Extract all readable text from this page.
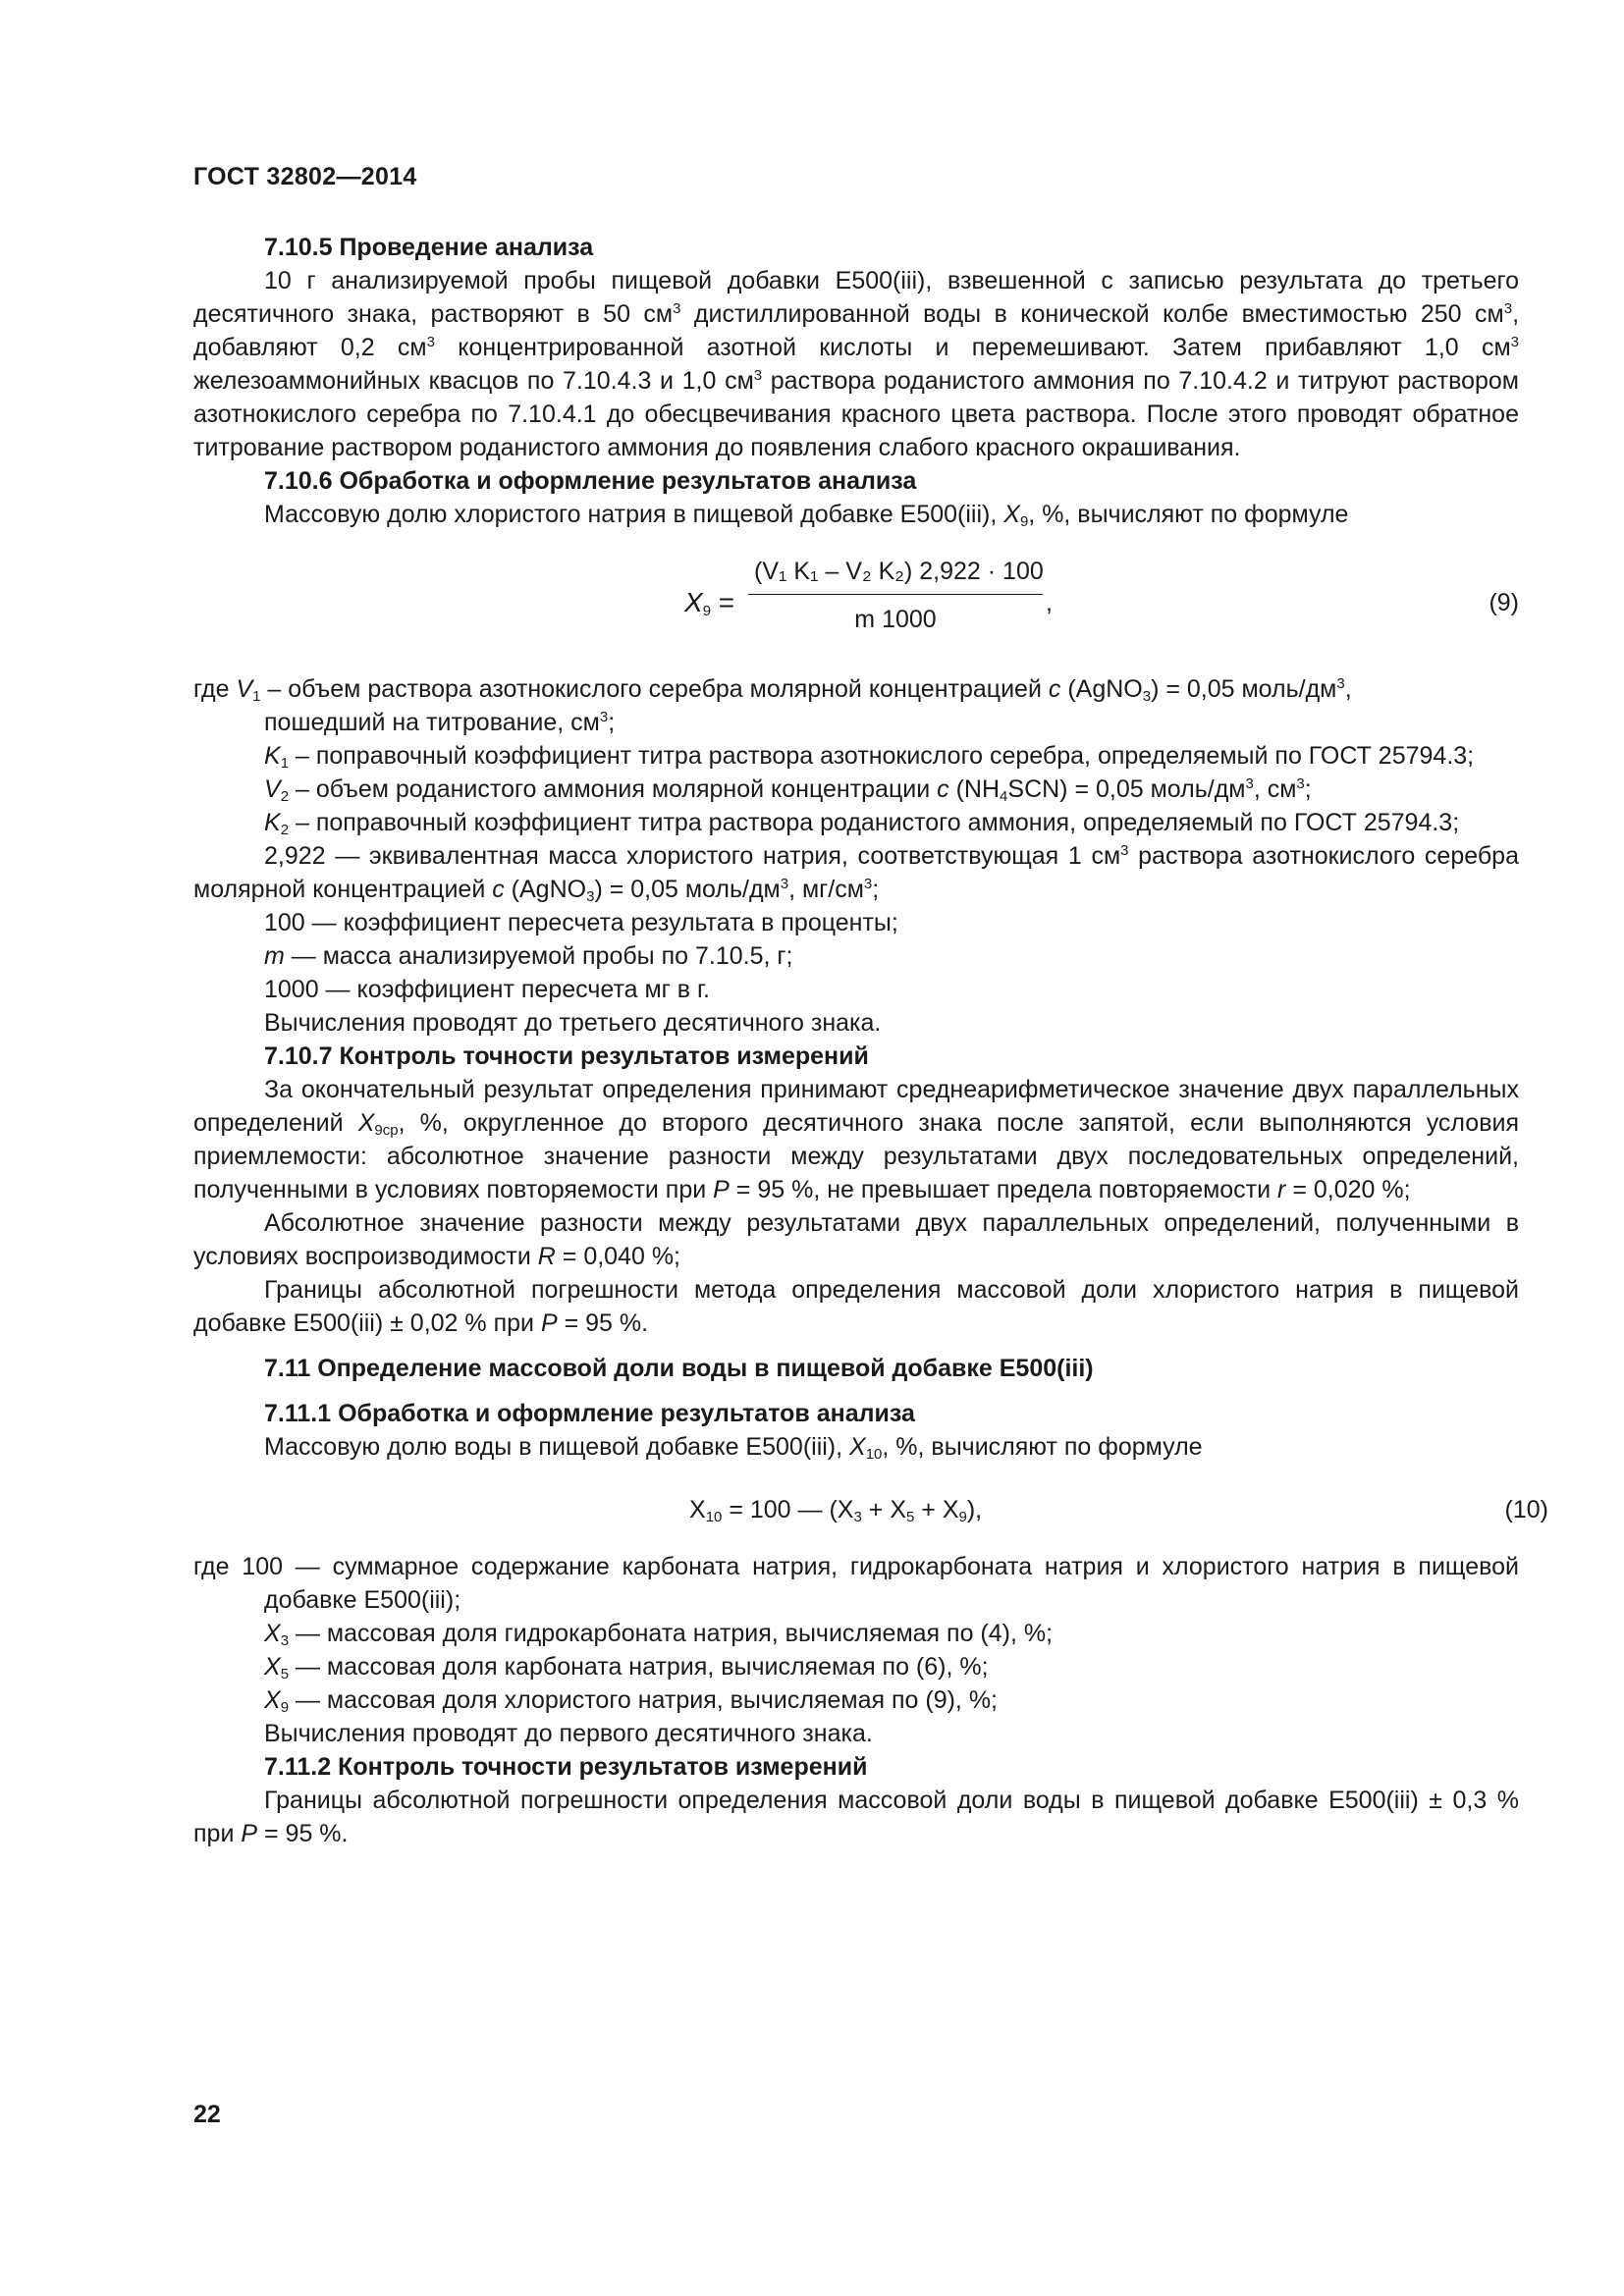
ГОСТ 32802—2014

7.10.5 Проведение анализа

10 г анализируемой пробы пищевой добавки Е500(iii), взвешенной с записью результата до третьего десятичного знака, растворяют в 50 $см^3$ дистиллированной воды в конической колбе вместимостью 250 $см^3$, добавляют 0,2 $см^3$ концентрированной азотной кислоты и перемешивают. Затем прибавляют 1,0 $см^3$ железоаммонийных квасцов по 7.10.4.3 и 1,0 $см^3$ раствора роданистого аммония по 7.10.4.2 и титруют раствором азотнокислого серебра по 7.10.4.1 до обесцвечивания красного цвета раствора. После этого проводят обратное титрование раствором роданистого аммония до появления слабого красного окрашивания.

7.10.6 Обработка и оформление результатов анализа

Массовую долю хлористого натрия в пищевой добавке Е500(iii), $X_9$, %, вычисляют по формуле

$X_9 = \frac{\text{(V₁ K₁ – V₂ K₂) 2,922 · 100}}{m 1000}$ ,	(9)

где $V_1$ – объем раствора азотнокислого серебра молярной концентрацией c (AgNO$_3$) = 0,05 моль/$дм^3$,

пошедший на титрование, $см^3$;

$K_1$ – поправочный коэффициент титра раствора азотнокислого серебра, определяемый по ГОСТ 25794.3;

$V_2$ – объем роданистого аммония молярной концентрации c $(NH_4SCN) = 0,05$ моль/$дм^3$, $см^3$;

$K_2$ – поправочный коэффициент титра раствора роданистого аммония, определяемый по ГОСТ 25794.3;

2,922 — эквивалентная масса хлористого натрия, соответствующая 1 $см^3$ раствора азотнокислого серебра молярной концентрацией c (AgNO$_3$) = 0,05 моль/$дм^3$, $мг/см^3$;

100 — коэффициент пересчета результата в проценты;

m — масса анализируемой пробы по 7.10.5, г;

1000 — коэффициент пересчета мг в г.

Вычисления проводят до третьего десятичного знака.

7.10.7 Контроль точности результатов измерений

За окончательный результат определения принимают среднеарифметическое значение двух параллельных определений $X_{9ср}$, %, округленное до второго десятичного знака после запятой, если выполняются условия приемлемости: абсолютное значение разности между результатами двух последовательных определений, полученными в условиях повторяемости при P = 95 %, не превышает предела повторяемости r = 0,020 %;

Абсолютное значение разности между результатами двух параллельных определений, полученными в условиях воспроизводимости R = 0,040 %;

Границы абсолютной погрешности метода определения массовой доли хлористого натрия в пищевой добавке Е500(iii) ± 0,02 % при P = 95 %.

7.11 Определение массовой доли воды в пищевой добавке Е500(iii)

7.11.1 Обработка и оформление результатов анализа

Массовую долю воды в пищевой добавке Е500(iii), $X_{10}$, %, вычисляют по формуле

$X_{10} = 100$ — $(X_3 + X_5 + X_9)$,	(10)

где 100 — суммарное содержание карбоната натрия, гидрокарбоната натрия и хлористого натрия в пищевой добавке Е500(iii);

$X_3$ — массовая доля гидрокарбоната натрия, вычисляемая по (4), %;

$X_5$ — массовая доля карбоната натрия, вычисляемая по (6), %;

$X_9$ — массовая доля хлористого натрия, вычисляемая по (9), %;

Вычисления проводят до первого десятичного знака.

7.11.2 Контроль точности результатов измерений

Границы абсолютной погрешности определения массовой доли воды в пищевой добавке Е500(iii) ± 0,3 % при P = 95 %.

22
